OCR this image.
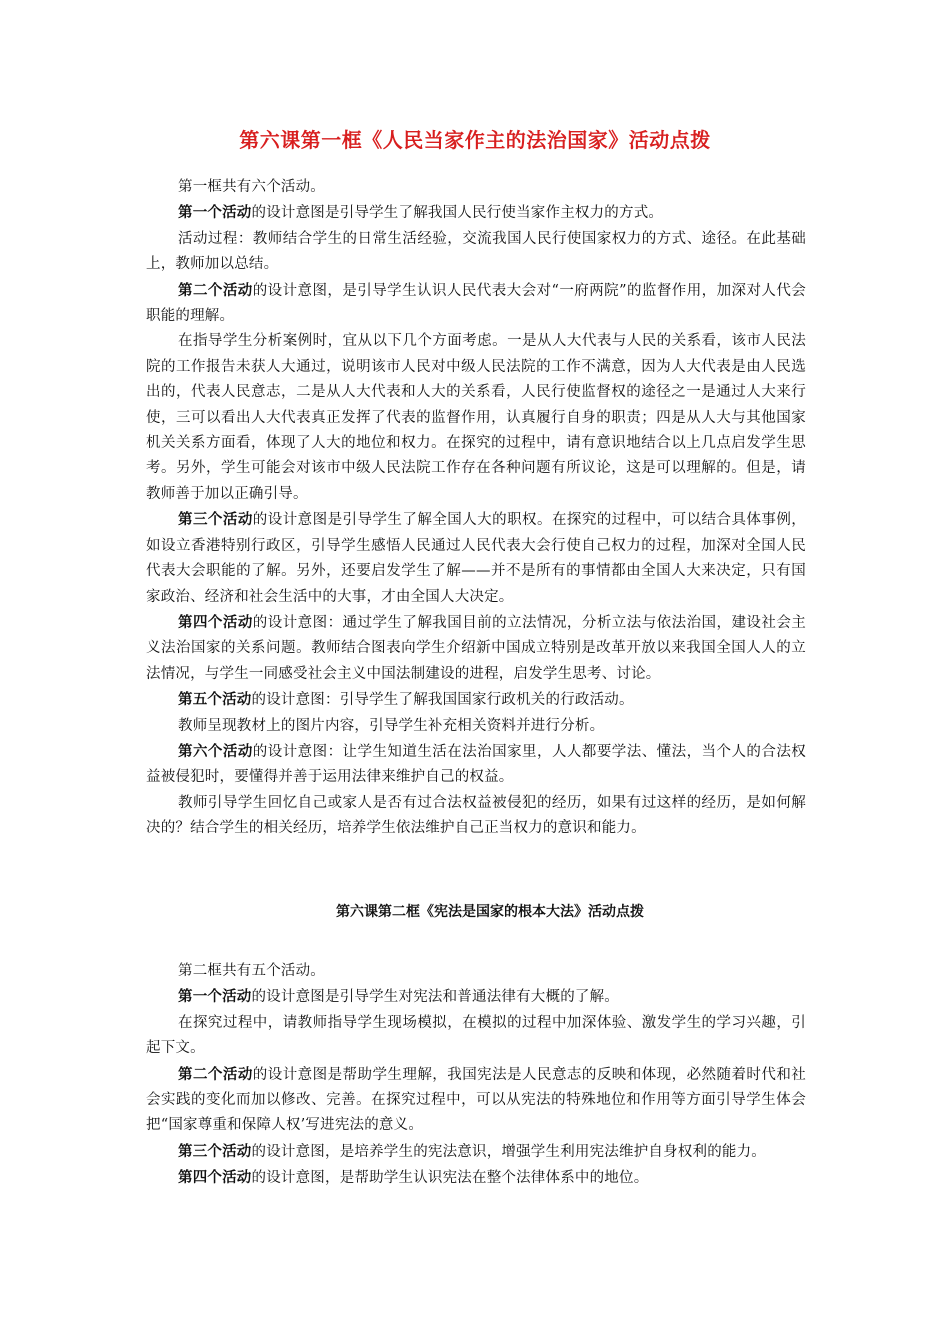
第六课第一框《人民当家作主的法治国家》活动点拨

第一框共有六个活动。

第一个活动的设计意图是引导学生了解我国人民行使当家作主权力的方式。

活动过程：教师结合学生的日常生活经验，交流我国人民行使国家权力的方式、途径。在此基础上，教师加以总结。

第二个活动的设计意图，是引导学生认识人民代表大会对“一府两院”的监督作用，加深对人代会职能的理解。

在指导学生分析案例时，宜从以下几个方面考虑。一是从人大代表与人民的关系看，该市人民法院的工作报告未获人大通过，说明该市人民对中级人民法院的工作不满意，因为人大代表是由人民选出的，代表人民意志，二是从人大代表和人大的关系看，人民行使监督权的途径之一是通过人大来行使，三可以看出人大代表真正发挥了代表的监督作用，认真履行自身的职责；四是从人大与其他国家机关关系方面看，体现了人大的地位和权力。在探究的过程中，请有意识地结合以上几点启发学生思考。另外，学生可能会对该市中级人民法院工作存在各种问题有所议论，这是可以理解的。但是，请教师善于加以正确引导。

第三个活动的设计意图是引导学生了解全国人大的职权。在探究的过程中，可以结合具体事例，如设立香港特别行政区，引导学生感悟人民通过人民代表大会行使自己权力的过程，加深对全国人民代表大会职能的了解。另外，还要启发学生了解——并不是所有的事情都由全国人大来决定，只有国家政治、经济和社会生活中的大事，才由全国人大决定。

第四个活动的设计意图：通过学生了解我国目前的立法情况，分析立法与依法治国，建设社会主义法治国家的关系问题。教师结合图表向学生介绍新中国成立特别是改革开放以来我国全国人人的立法情况，与学生一同感受社会主义中国法制建设的进程，启发学生思考、讨论。

第五个活动的设计意图：引导学生了解我国国家行政机关的行政活动。

教师呈现教材上的图片内容，引导学生补充相关资料并进行分析。

第六个活动的设计意图：让学生知道生活在法治国家里，人人都要学法、懂法，当个人的合法权益被侵犯时，要懂得并善于运用法律来维护自己的权益。

教师引导学生回忆自己或家人是否有过合法权益被侵犯的经历，如果有过这样的经历，是如何解决的？结合学生的相关经历，培养学生依法维护自己正当权力的意识和能力。

第六课第二框《宪法是国家的根本大法》活动点拨

第二框共有五个活动。

第一个活动的设计意图是引导学生对宪法和普通法律有大概的了解。

在探究过程中，请教师指导学生现场模拟，在模拟的过程中加深体验、激发学生的学习兴趣，引起下文。

第二个活动的设计意图是帮助学生理解，我国宪法是人民意志的反映和体现，必然随着时代和社会实践的变化而加以修改、完善。在探究过程中，可以从宪法的特殊地位和作用等方面引导学生体会把“国家尊重和保障人权’写进宪法的意义。

第三个活动的设计意图，是培养学生的宪法意识，增强学生利用宪法维护自身权利的能力。

第四个活动的设计意图，是帮助学生认识宪法在整个法律体系中的地位。
